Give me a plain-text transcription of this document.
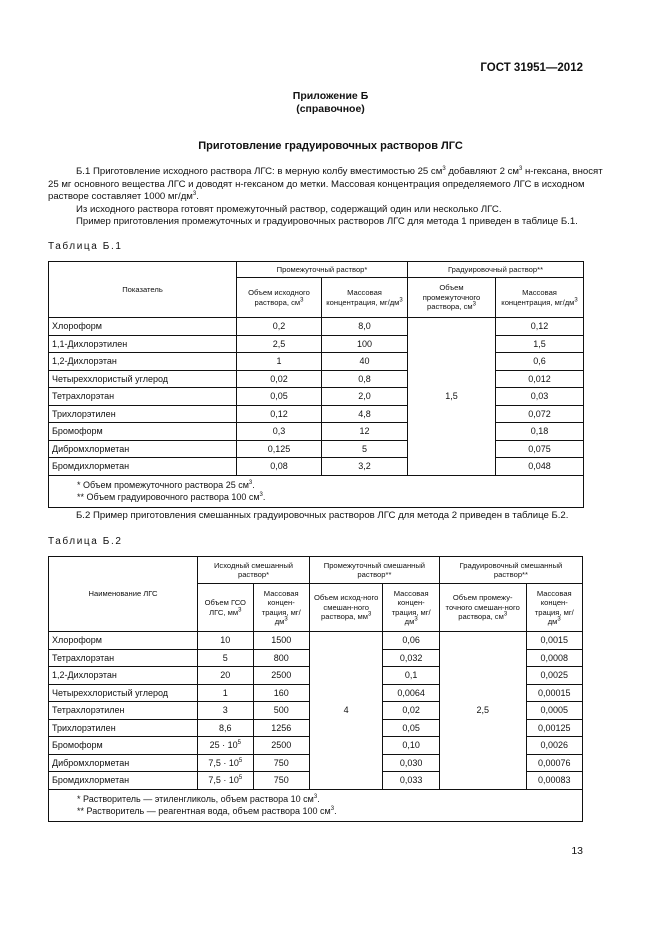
ГОСТ 31951—2012
Приложение Б
(справочное)
Приготовление градуировочных растворов ЛГС

Б.1 Приготовление исходного раствора ЛГС: в мерную колбу вместимостью 25 $см^3$ добавляют 2 $см^3$ н-гексана, вносят 25 мг основного вещества ЛГС и доводят н-гексаном до метки. Массовая концентрация определяемого ЛГС в исходном растворе составляет 1000 $мг/дм^3$.

Из исходного раствора готовят промежуточный раствор, содержащий один или несколько ЛГС.

Пример приготовления промежуточных и градуировочных растворов ЛГС для метода 1 приведен в таблице Б.1.

Таблица Б.1
Показатель	Промежуточный раствор*		Градуировочный раствор**	
	Объем исходного раствора, $см^3$	Массовая концентрация, $мг/дм^3$	Объем промежуточного раствора, $см^3$	Массовая концентрация, $мг/дм^3$
Хлороформ	0,2	8,0	1,5	0,12
1,1-Дихлорэтилен	2,5	100		1,5
1,2-Дихлорэтан	1	40		0,6
Четыреххлористый углерод	0,02	0,8		0,012
Тетрахлорэтан	0,05	2,0		0,03
Трихлорэтилен	0,12	4,8		0,072
Бромоформ	0,3	12		0,18
Дибромхлорметан	0,125	5		0,075
Бромдихлорметан	0,08	3,2		0,048

* Объем промежуточного раствора 25 $см^3$.
** Объем градуировочного раствора 100 $см^3$.				

Б.2 Пример приготовления смешанных градуировочных растворов ЛГС для метода 2 приведен в таблице Б.2.

Таблица Б.2
Наименование ЛГС	Исходный смешанный раствор*		Промежуточный смешанный раствор**		Градуировочный смешанный раствор**	
	Объем ГСО ЛГС, $мм^3$	Массовая концен-трация, $мг/дм^3$	Объем исход-ного смешан-ного раствора, $мм^3$	Массовая концен-трация, $мг/дм^3$	Объем промежу-точного смешан-ного раствора, $см^3$	Массовая концен-трация, $мг/дм^3$
Хлороформ	10	1500	4	0,06	2,5	0,0015
Тетрахлорэтан	5	800		0,032		0,0008
1,2-Дихлорэтан	20	2500		0,1		0,0025
Четыреххлористый углерод	1	160		0,0064		0,00015
Тетрахлорэтилен	3	500		0,02		0,0005
Трихлорэтилен	8,6	1256		0,05		0,00125
Бромоформ	$25 \cdot 10^5$	2500		0,10		0,0026
Дибромхлорметан	$7,5 \cdot 10^5$	750		0,030		0,00076
Бромдихлорметан	$7,5 \cdot 10^5$	750		0,033		0,00083

* Растворитель — этиленгликоль, объем раствора 10 $см^3$.
** Растворитель — реагентная вода, объем раствора 100 $см^3$.						
13
